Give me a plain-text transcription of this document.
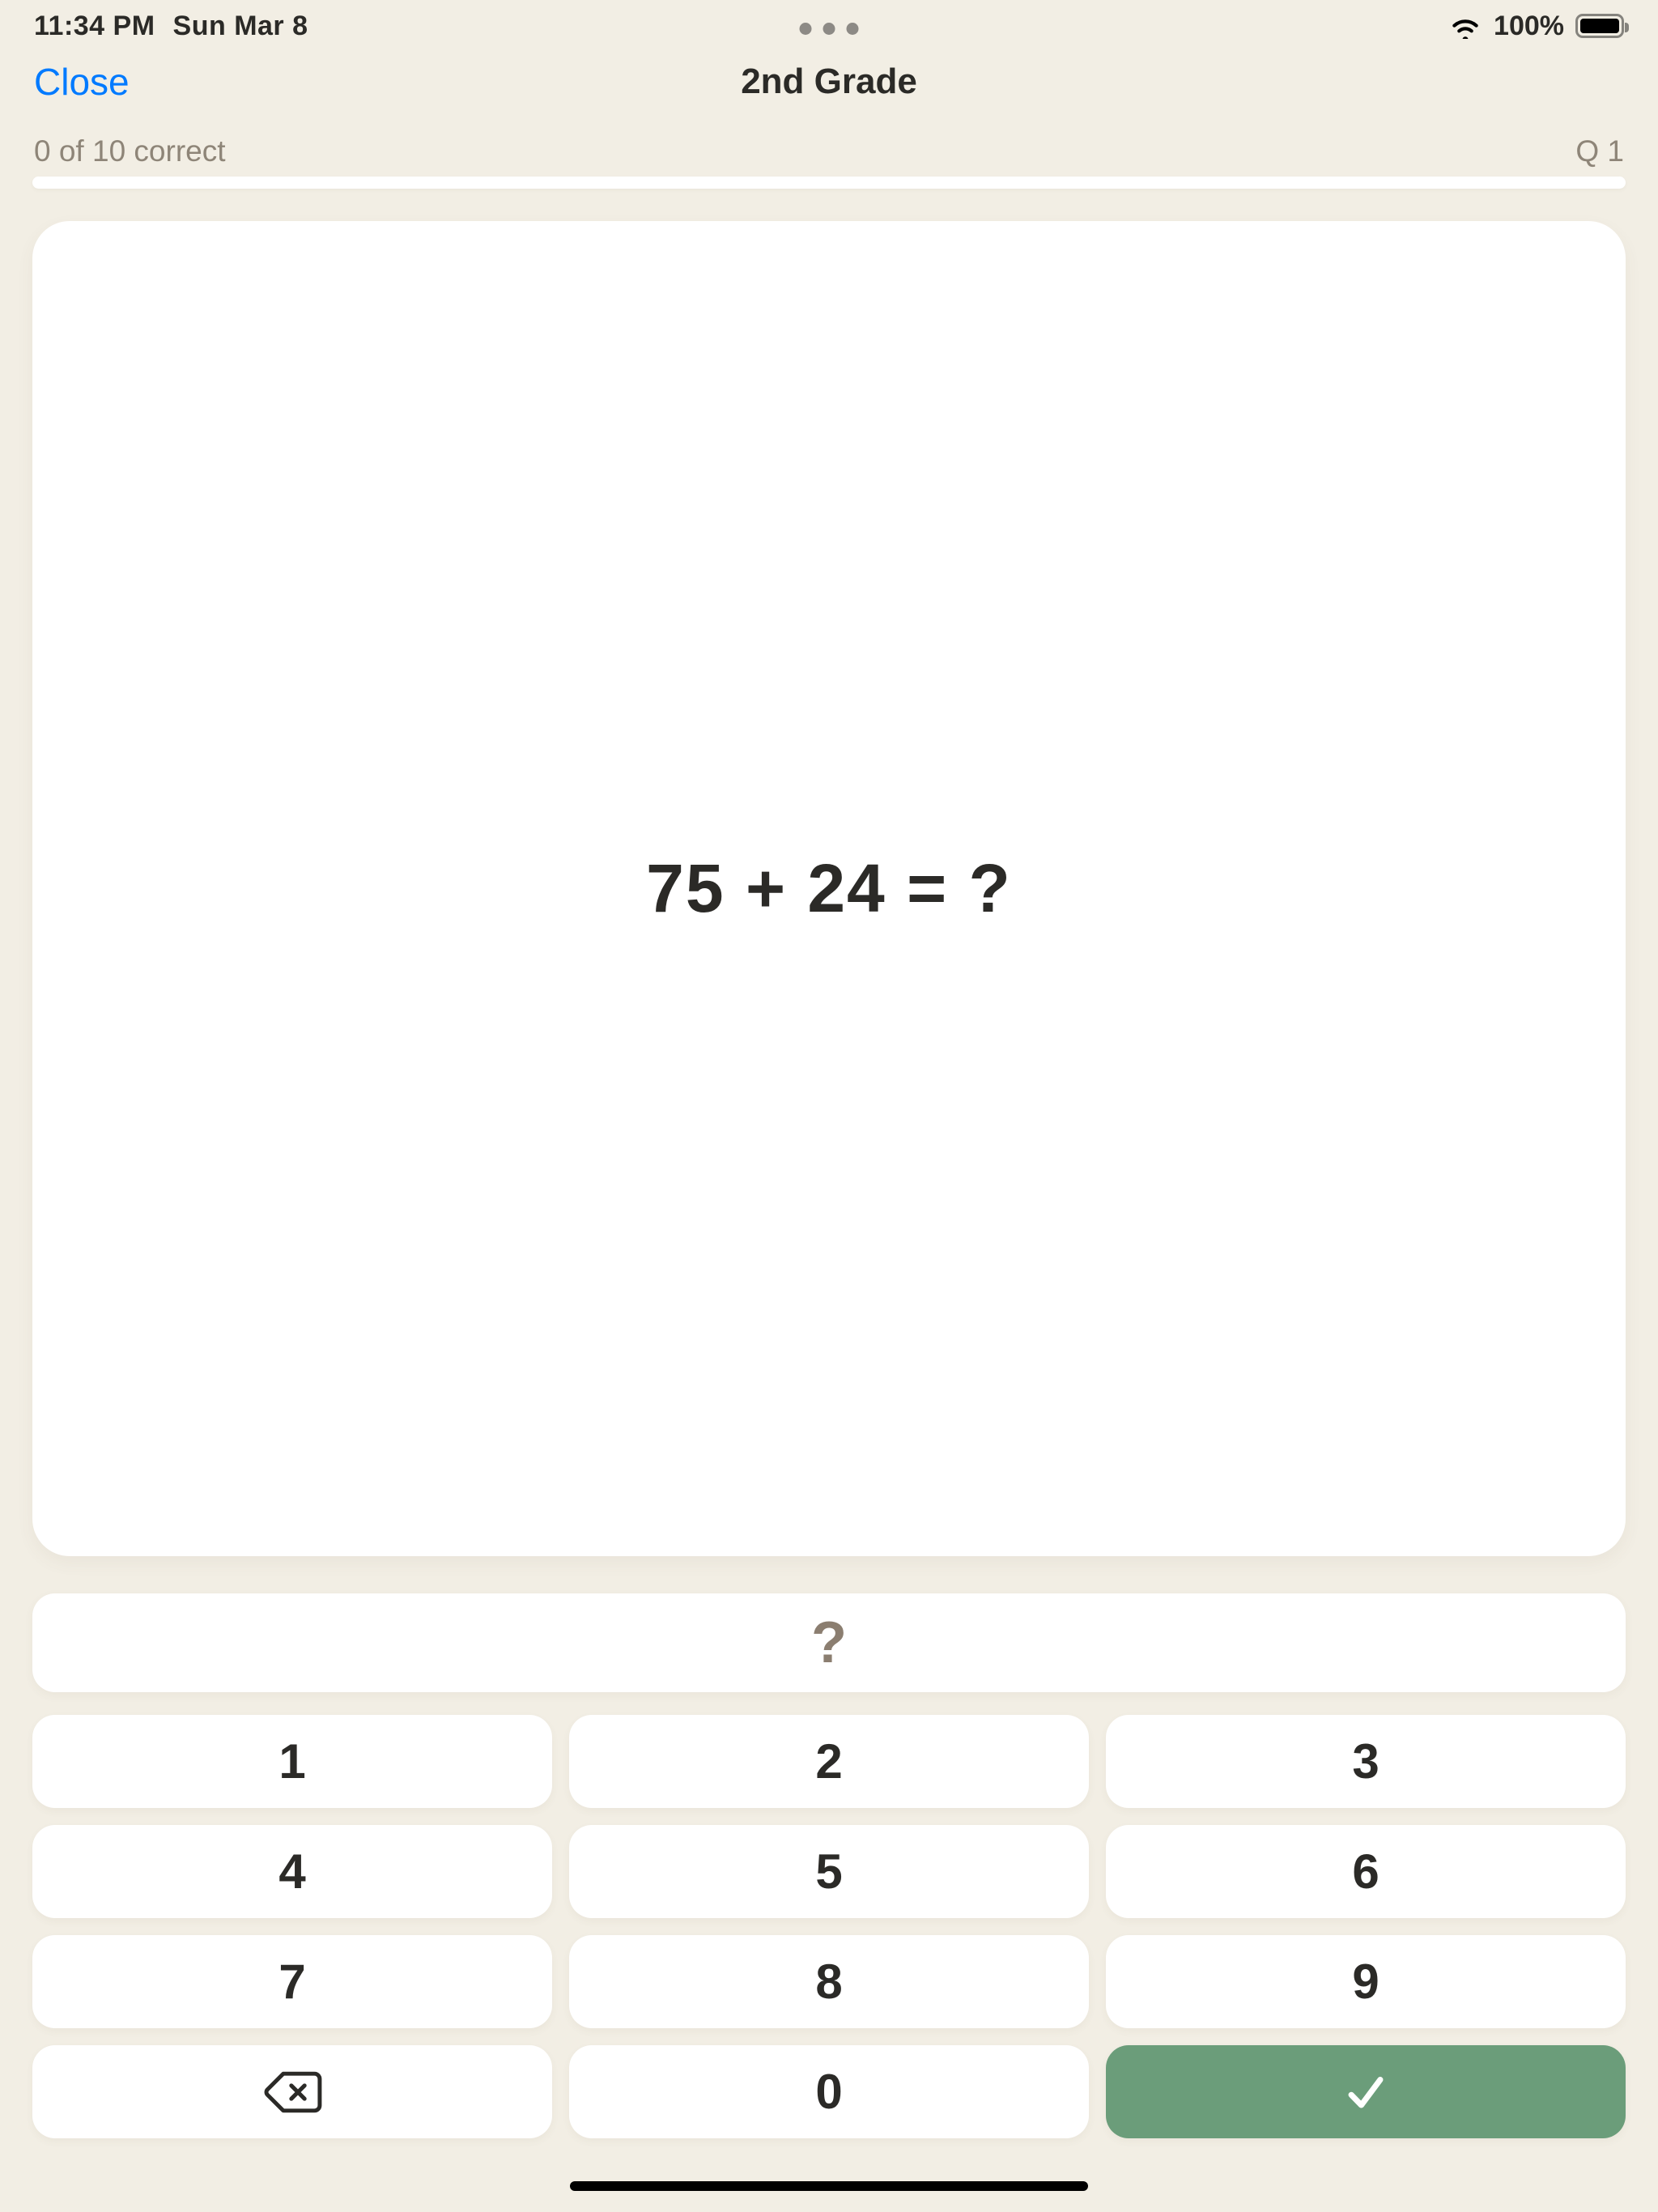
11:34 PM Sun Mar 8	100%
Close	2nd Grade
0 of 10 correct	Q 1
75 + 24 = ?
?
1	2	3
4	5	6
7	8	9
0
